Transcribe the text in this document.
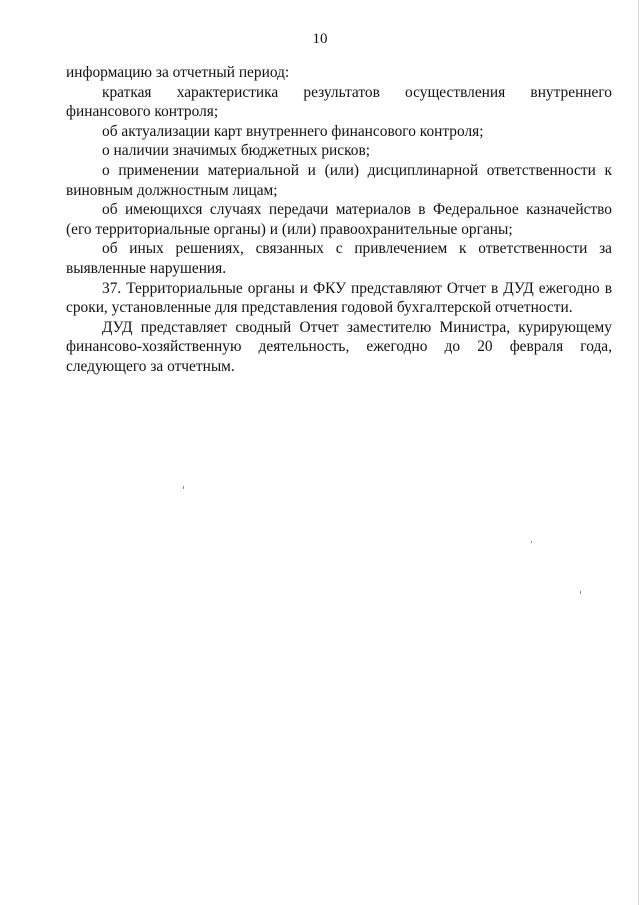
10

информацию за отчетный период:

краткая характеристика результатов осуществления внутреннего финансового контроля;

об актуализации карт внутреннего финансового контроля;

о наличии значимых бюджетных рисков;

о применении материальной и (или) дисциплинарной ответственности к виновным должностным лицам;

об имеющихся случаях передачи материалов в Федеральное казначейство (его территориальные органы) и (или) правоохранительные органы;

об иных решениях, связанных с привлечением к ответственности за выявленные нарушения.

37. Территориальные органы и ФКУ представляют Отчет в ДУД ежегодно в сроки, установленные для представления годовой бухгалтерской отчетности.

ДУД представляет сводный Отчет заместителю Министра, курирующему финансово-хозяйственную деятельность, ежегодно до 20 февраля года, следующего за отчетным.
